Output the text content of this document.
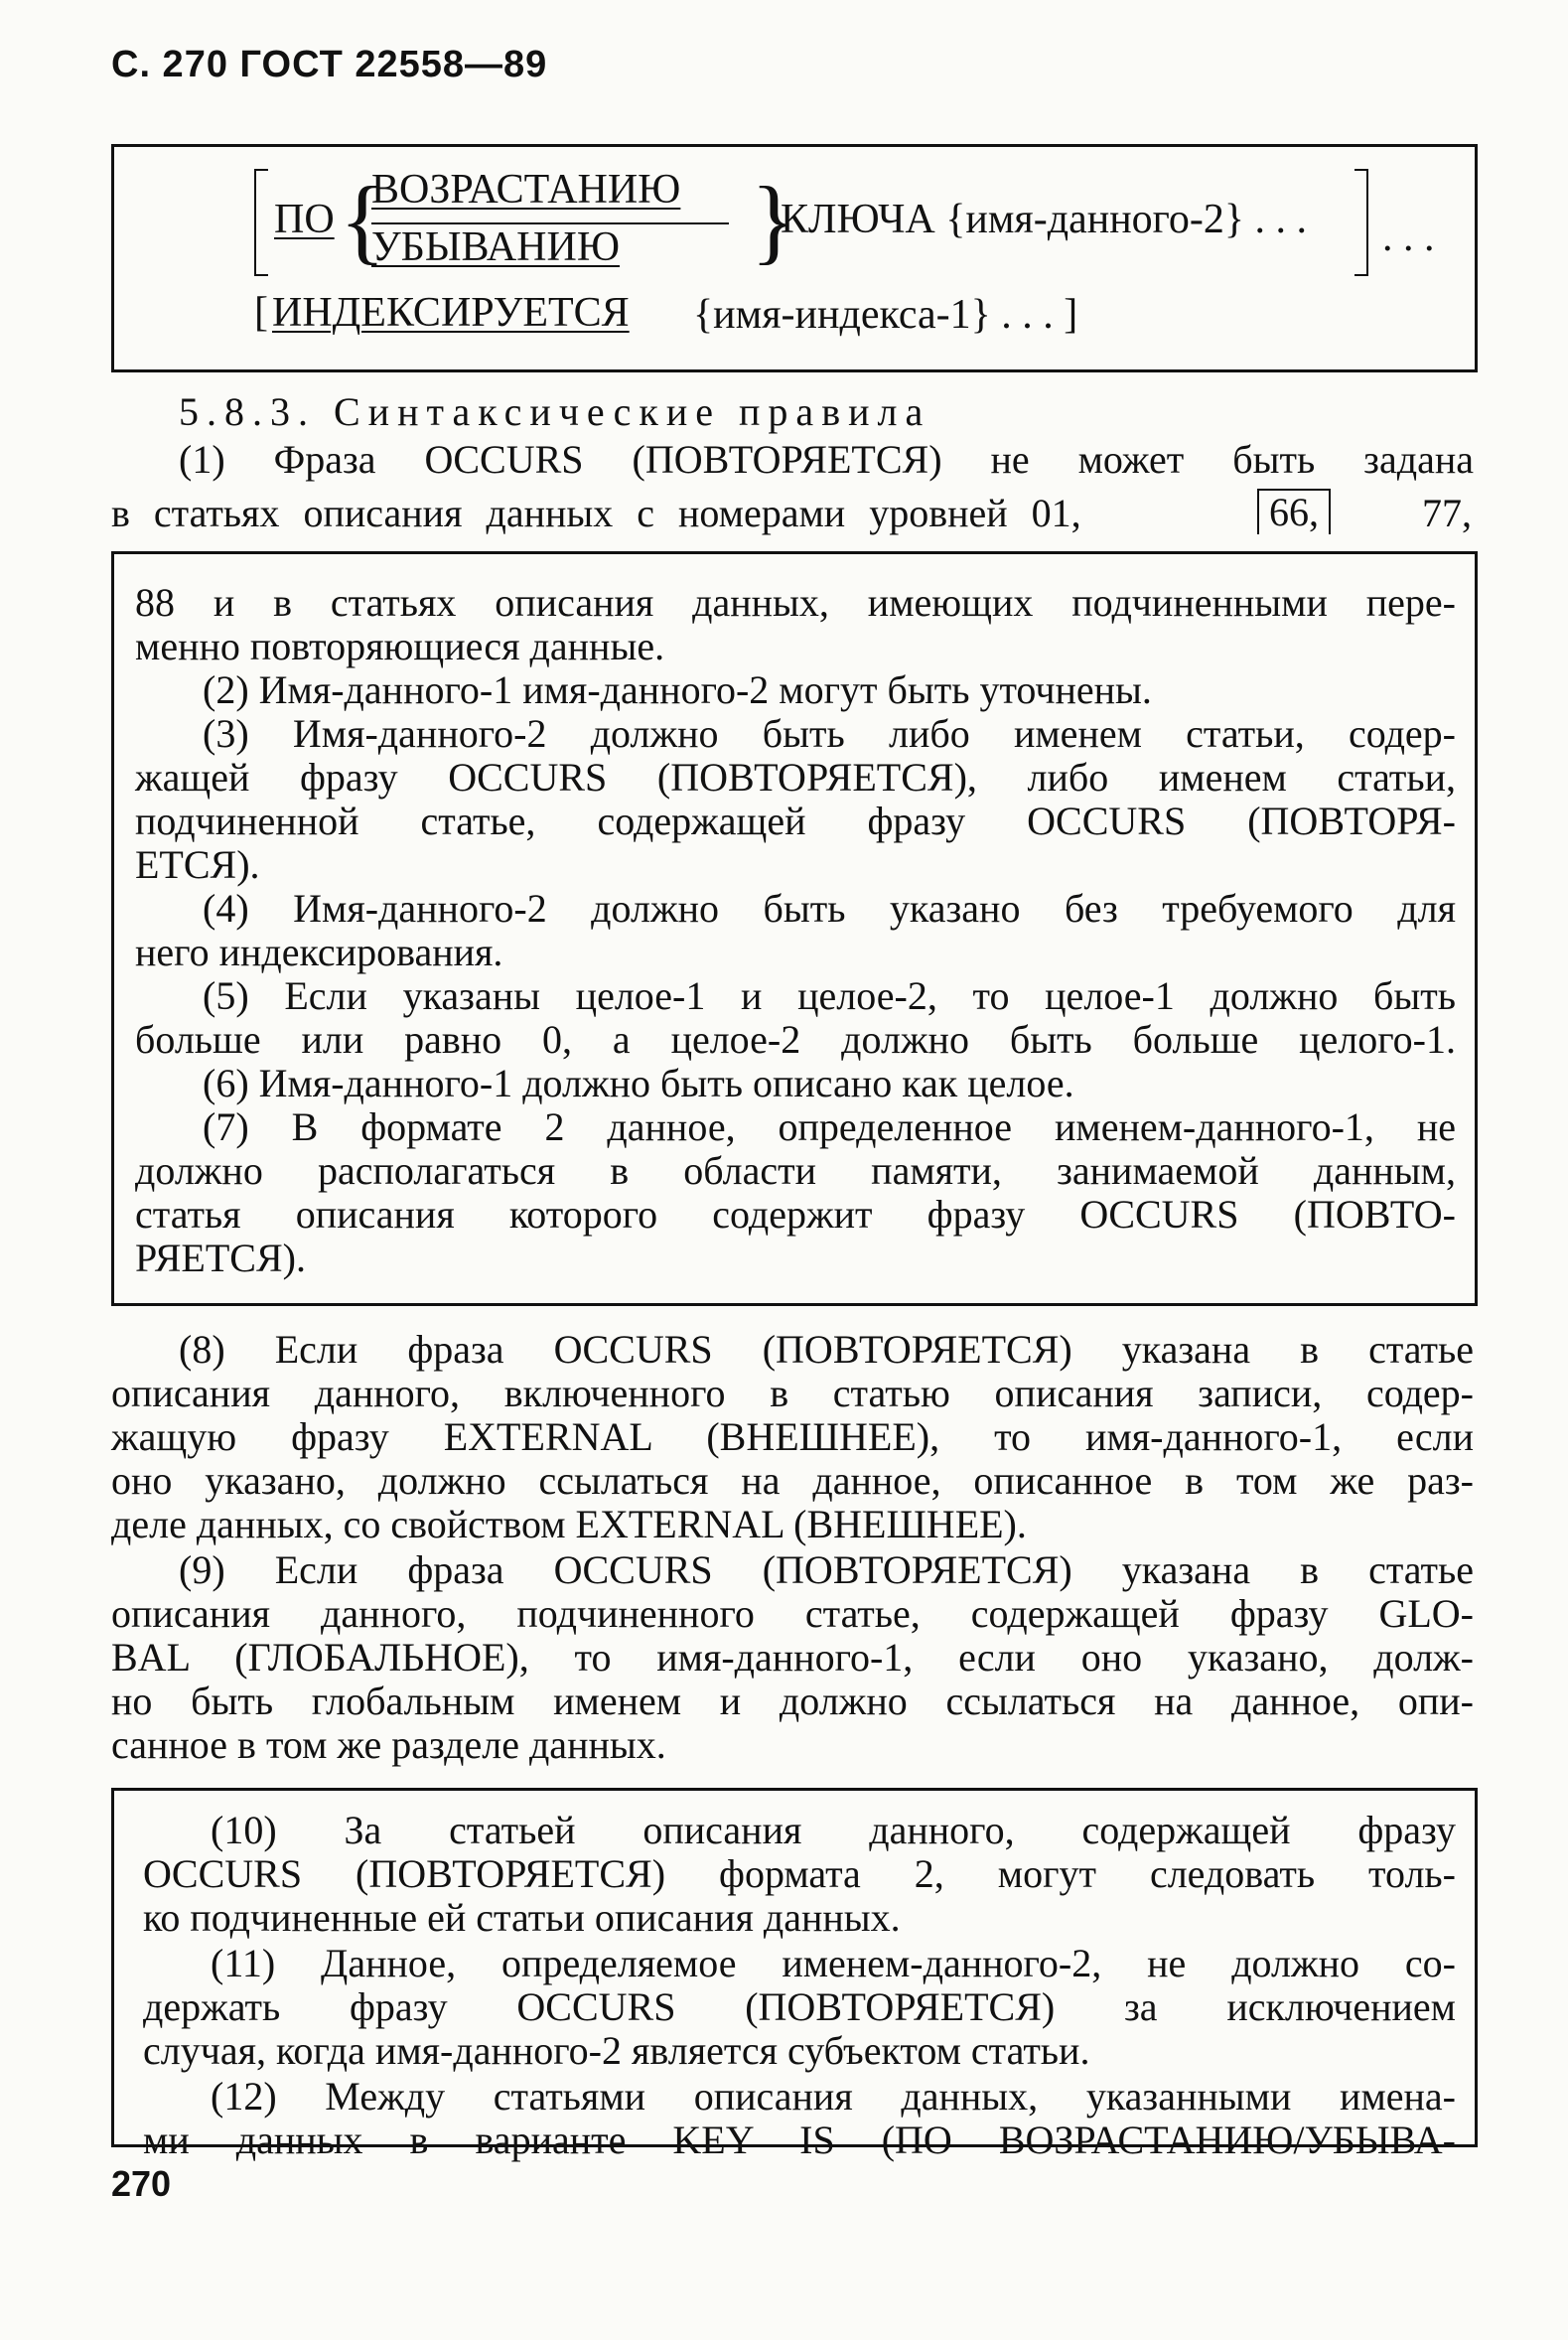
С. 270 ГОСТ 22558—89
ПО {
ВОЗРАСТАНИЮ
УБЫВАНИЮ }
КЛЮЧА {имя-данного-2} . . . . . .
[ ИНДЕКСИРУЕТСЯ {имя-индекса-1} . . . ]
5.8.3. Синтаксические правила
(1) Фраза OCCURS (ПОВТОРЯЕТСЯ) не может быть задана
в статьях описания данных с номерами уровней 01,	66,	77,
88 и в статьях описания данных, имеющих подчиненными пере-
менно повторяющиеся данные.
(2) Имя-данного-1 имя-данного-2 могут быть уточнены.
(3) Имя-данного-2 должно быть либо именем статьи, содер-
жащей фразу OCCURS (ПОВТОРЯЕТСЯ), либо именем статьи,
подчиненной статье, содержащей фразу OCCURS (ПОВТОРЯ-
ЕТСЯ).
(4) Имя-данного-2 должно быть указано без требуемого для
него индексирования.
(5) Если указаны целое-1 и целое-2, то целое-1 должно быть
больше или равно 0, а целое-2 должно быть больше целого-1.
(6) Имя-данного-1 должно быть описано как целое.
(7) В формате 2 данное, определенное именем-данного-1, не
должно располагаться в области памяти, занимаемой данным,
статья описания которого содержит фразу OCCURS (ПОВТО-
РЯЕТСЯ).
(8) Если фраза OCCURS (ПОВТОРЯЕТСЯ) указана в статье
описания данного, включенного в статью описания записи, содер-
жащую фразу EXTERNAL (ВНЕШНЕЕ), то имя-данного-1, если
оно указано, должно ссылаться на данное, описанное в том же раз-
деле данных, со свойством EXTERNAL (ВНЕШНЕЕ).
(9) Если фраза OCCURS (ПОВТОРЯЕТСЯ) указана в статье
описания данного, подчиненного статье, содержащей фразу GLO-
BAL (ГЛОБАЛЬНОЕ), то имя-данного-1, если оно указано, долж-
но быть глобальным именем и должно ссылаться на данное, опи-
санное в том же разделе данных.
(10) За статьей описания данного, содержащей фразу
OCCURS (ПОВТОРЯЕТСЯ) формата 2, могут следовать толь-
ко подчиненные ей статьи описания данных.
(11) Данное, определяемое именем-данного-2, не должно со-
держать фразу OCCURS (ПОВТОРЯЕТСЯ) за исключением
случая, когда имя-данного-2 является субъектом статьи.
(12) Между статьями описания данных, указанными имена-
ми данных в варианте KEY IS (ПО ВОЗРАСТАНИЮ/УБЫВА-
270
